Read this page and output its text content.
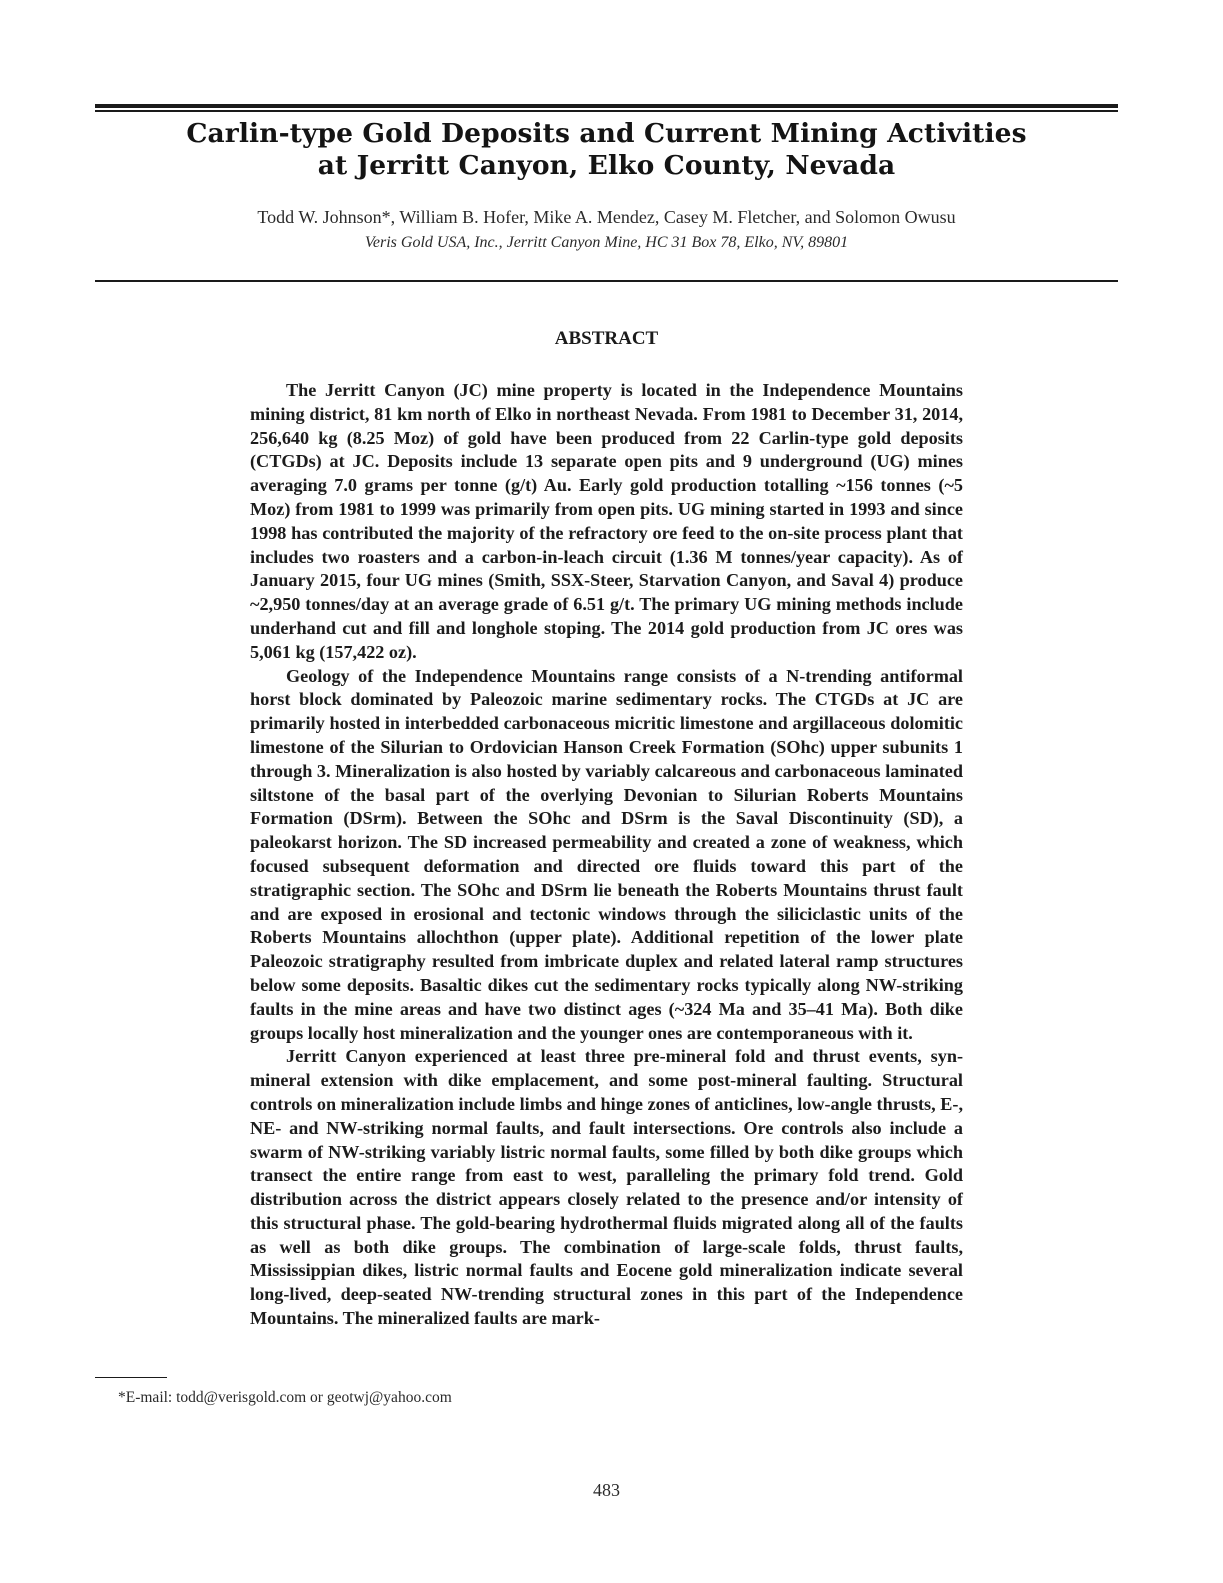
Carlin-type Gold Deposits and Current Mining Activities
at Jerritt Canyon, Elko County, Nevada

Todd W. Johnson*, William B. Hofer, Mike A. Mendez, Casey M. Fletcher, and Solomon Owusu

Veris Gold USA, Inc., Jerritt Canyon Mine, HC 31 Box 78, Elko, NV, 89801

ABSTRACT

The Jerritt Canyon (JC) mine property is located in the Independence Mountains mining district, 81 km north of Elko in northeast Nevada. From 1981 to December 31, 2014, 256,640 kg (8.25 Moz) of gold have been produced from 22 Carlin-type gold deposits (CTGDs) at JC. Deposits include 13 separate open pits and 9 underground (UG) mines averaging 7.0 grams per tonne (g/t) Au. Early gold production totalling ~156 tonnes (~5 Moz) from 1981 to 1999 was primarily from open pits. UG mining started in 1993 and since 1998 has contributed the majority of the refractory ore feed to the on-site process plant that includes two roasters and a carbon-in-leach circuit (1.36 M tonnes/year capacity). As of January 2015, four UG mines (Smith, SSX-Steer, Starvation Canyon, and Saval 4) produce ~2,950 tonnes/day at an average grade of 6.51 g/t. The primary UG mining methods include underhand cut and fill and longhole stoping. The 2014 gold production from JC ores was 5,061 kg (157,422 oz).

Geology of the Independence Mountains range consists of a N-trending antiformal horst block dominated by Paleozoic marine sedimentary rocks. The CTGDs at JC are primarily hosted in interbedded carbonaceous micritic limestone and argillaceous dolomitic limestone of the Silurian to Ordovician Hanson Creek Formation (SOhc) upper subunits 1 through 3. Mineralization is also hosted by variably calcareous and carbonaceous laminated siltstone of the basal part of the overlying Devonian to Silurian Roberts Mountains Formation (DSrm). Between the SOhc and DSrm is the Saval Discontinuity (SD), a paleokarst horizon. The SD increased permeability and created a zone of weakness, which focused subsequent deformation and directed ore fluids toward this part of the stratigraphic section. The SOhc and DSrm lie beneath the Roberts Mountains thrust fault and are exposed in erosional and tectonic windows through the siliciclastic units of the Roberts Mountains allochthon (upper plate). Additional repetition of the lower plate Paleozoic stratigraphy resulted from imbricate duplex and related lateral ramp structures below some deposits. Basaltic dikes cut the sedimentary rocks typically along NW-striking faults in the mine areas and have two distinct ages (~324 Ma and 35–41 Ma). Both dike groups locally host mineralization and the younger ones are contemporaneous with it.

Jerritt Canyon experienced at least three pre-mineral fold and thrust events, synmineral extension with dike emplacement, and some post-mineral faulting. Structural controls on mineralization include limbs and hinge zones of anticlines, low-angle thrusts, E-, NE- and NW-striking normal faults, and fault intersections. Ore controls also include a swarm of NW-striking variably listric normal faults, some filled by both dike groups which transect the entire range from east to west, paralleling the primary fold trend. Gold distribution across the district appears closely related to the presence and/or intensity of this structural phase. The gold-bearing hydrothermal fluids migrated along all of the faults as well as both dike groups. The combination of large-scale folds, thrust faults, Mississippian dikes, listric normal faults and Eocene gold mineralization indicate several long-lived, deep-seated NW-trending structural zones in this part of the Independence Mountains. The mineralized faults are mark-

*E-mail: todd@verisgold.com or geotwj@yahoo.com

483
